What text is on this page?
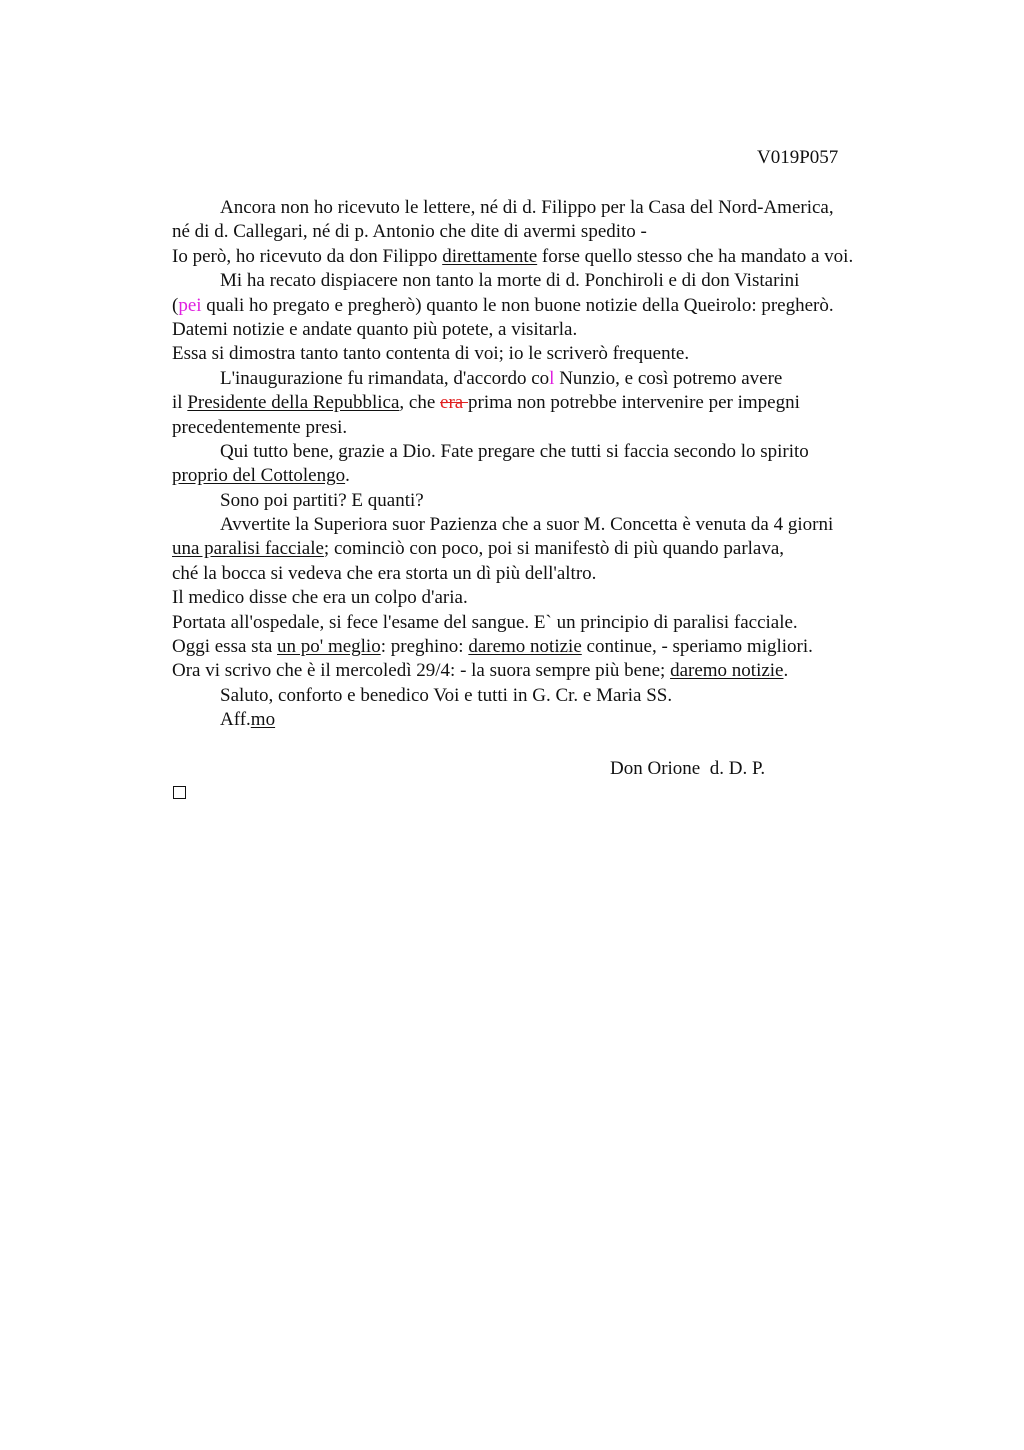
V019P057
Ancora non ho ricevuto le lettere, né di d. Filippo per la Casa del Nord-America,
né di d. Callegari, né di p. Antonio che dite di avermi spedito -
Io però, ho ricevuto da don Filippo direttamente forse quello stesso che ha mandato a voi.
Mi ha recato dispiacere non tanto la morte di d. Ponchiroli e di don Vistarini
(pei quali ho pregato e pregherò) quanto le non buone notizie della Queirolo: pregherò.
Datemi notizie e andate quanto più potete, a visitarla.
Essa si dimostra tanto tanto contenta di voi; io le scriverò frequente.
L'inaugurazione fu rimandata, d'accordo col Nunzio, e così potremo avere
il Presidente della Repubblica, che era prima non potrebbe intervenire per impegni
precedentemente presi.
Qui tutto bene, grazie a Dio. Fate pregare che tutti si faccia secondo lo spirito
proprio del Cottolengo.
Sono poi partiti? E quanti?
Avvertite la Superiora suor Pazienza che a suor M. Concetta è venuta da 4 giorni
una paralisi facciale; cominciò con poco, poi si manifestò di più quando parlava,
ché la bocca si vedeva che era storta un dì più dell'altro.
Il medico disse che era un colpo d'aria.
Portata all'ospedale, si fece l'esame del sangue. E` un principio di paralisi facciale.
Oggi essa sta un po' meglio: preghino: daremo notizie continue, - speriamo migliori.
Ora vi scrivo che è il mercoledì 29/4: - la suora sempre più bene; daremo notizie.
Saluto, conforto e benedico Voi e tutti in G. Cr. e Maria SS.
Aff.mo
Don Orione  d. D. P.
